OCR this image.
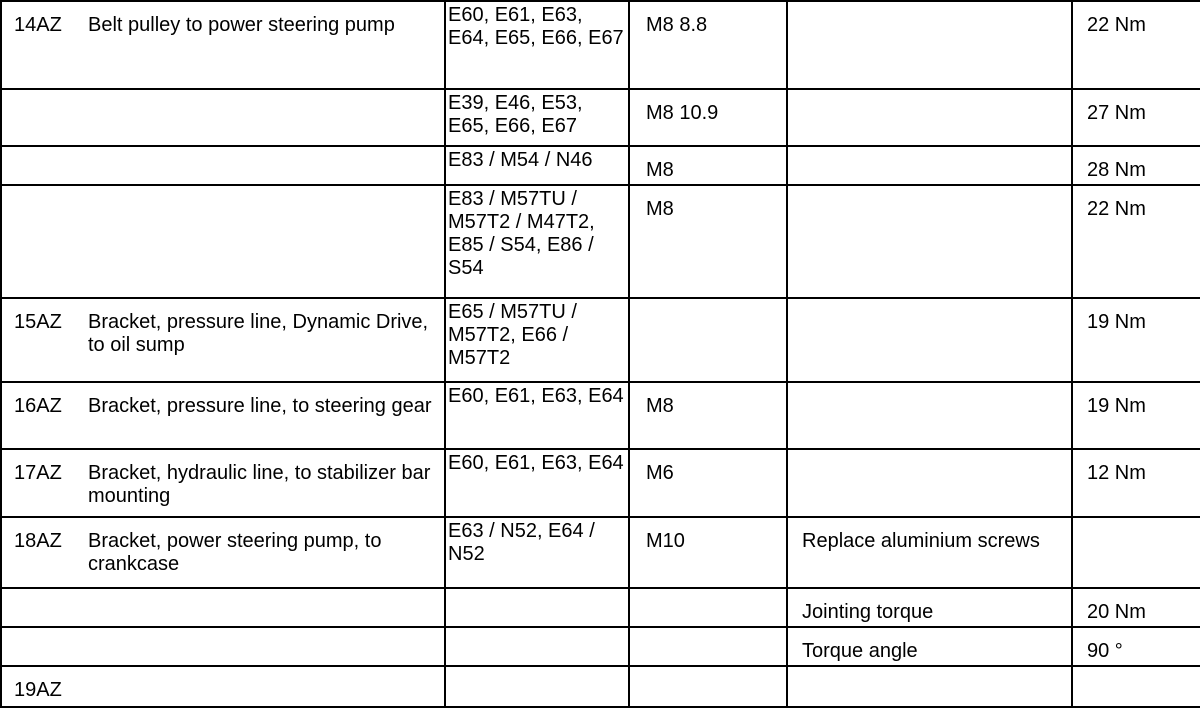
14AZ Belt pulley to power steering pump	E60, E61, E63, E64, E65, E66, E67	M8 8.8		22 Nm

	E39, E46, E53, E65, E66, E67	M8 10.9		27 Nm

	E83 / M54 / N46	M8		28 Nm

	E83 / M57TU / M57T2 / M47T2, E85 / S54, E86 / S54	M8		22 Nm

15AZ Bracket, pressure line, Dynamic Drive, to oil sump	E65 / M57TU / M57T2, E66 / M57T2			19 Nm

16AZ Bracket, pressure line, to steering gear	E60, E61, E63, E64	M8		19 Nm

17AZ Bracket, hydraulic line, to stabilizer bar mounting	E60, E61, E63, E64	M6		12 Nm

18AZ Bracket, power steering pump, to crankcase	E63 / N52, E64 / N52	M10	Replace aluminium screws	

			Jointing torque	20 Nm

			Torque angle	90 °

19AZ				
